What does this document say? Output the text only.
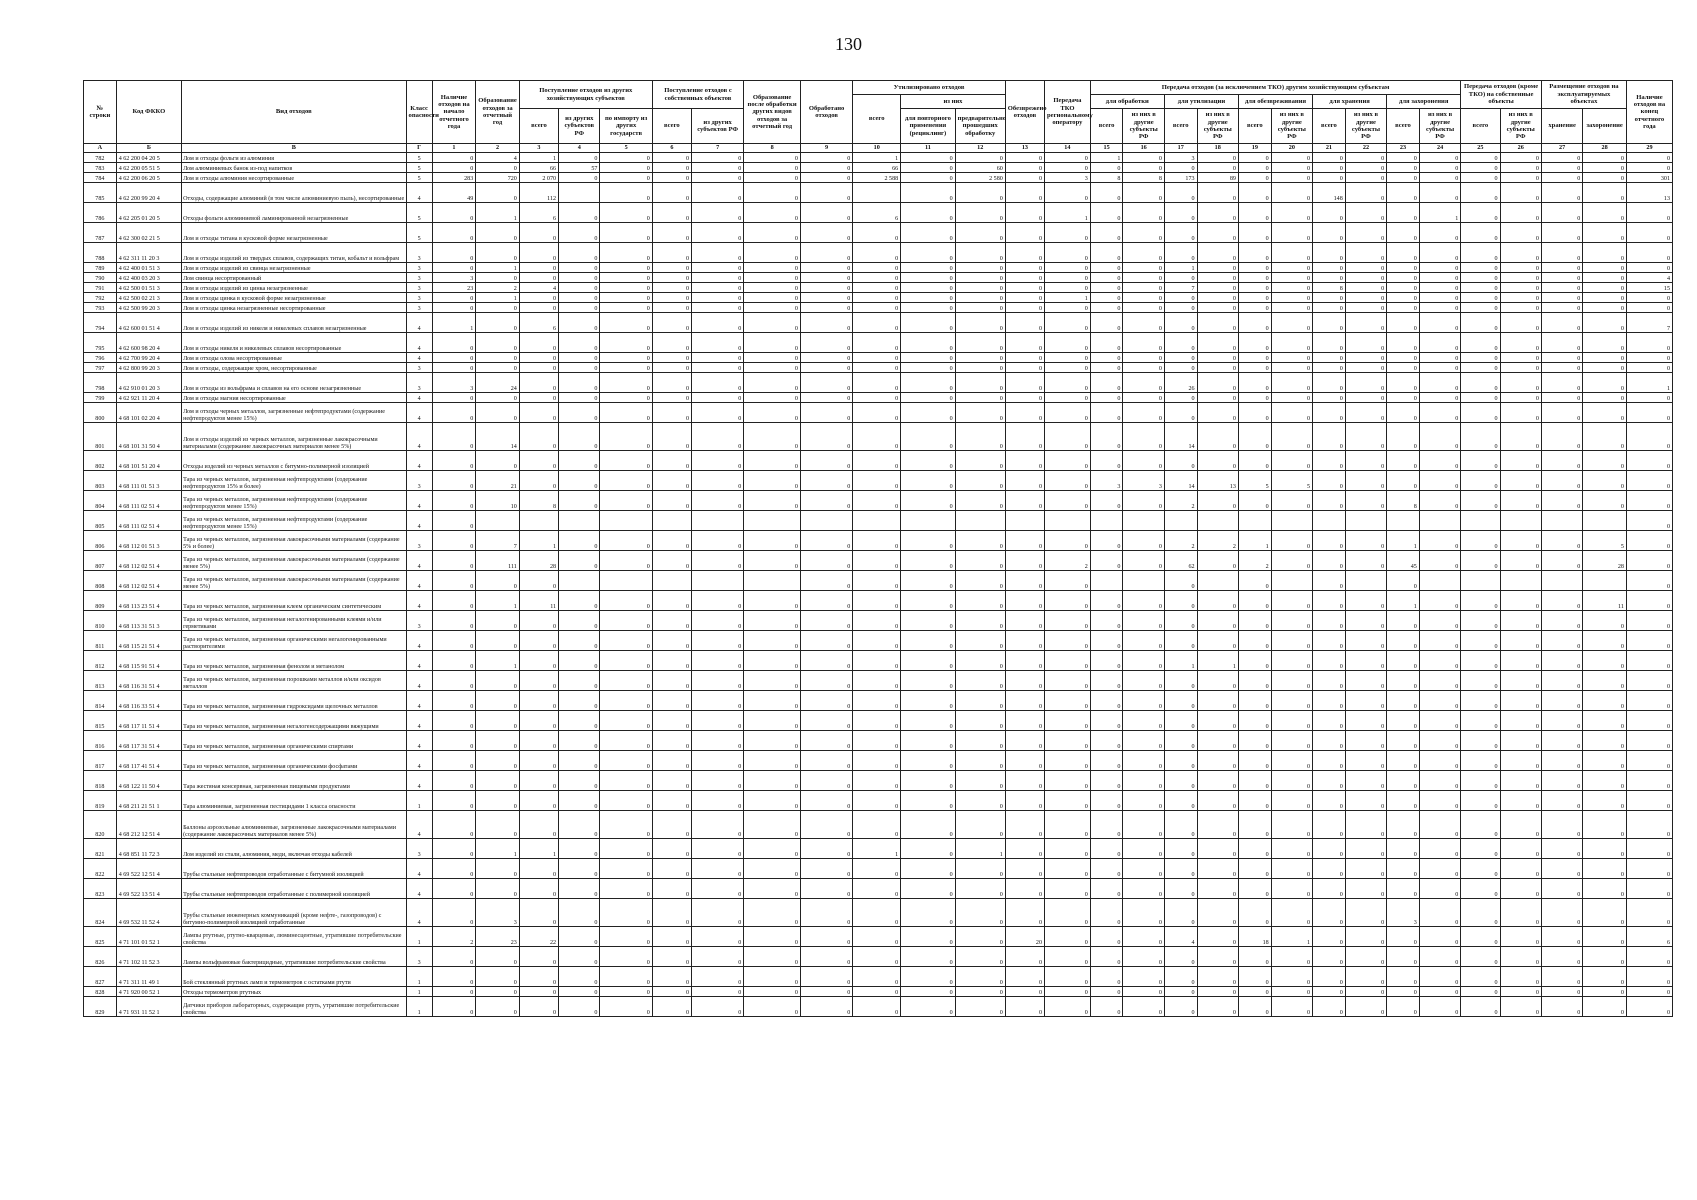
130
№ строки	Код ФККО	Вид отходов	Класс опасности	Наличие отходов на начало отчетного года	Образование отходов за отчетный год	Поступление отходов из других хозяйствующих субъектов			Поступление отходов с собственных объектов		Образование после обработки других видов отходов за отчетный год	Обработано отходов	Утилизировано отходов			Обезврежено отходов	Передача ТКО региональному оператору	Передача отходов (за исключением ТКО) другим хозяйствующим субъектам										Передача отходов (кроме ТКО) на собственные объекты		Размещение отходов на эксплуатируемых объектах		Наличие отходов на конец отчетного года
													всего	из них				для обработки		для утилизации		для обезвреживания		для хранения		для захоронения						
						всего	из других субъектов РФ	по импорту из других государств	всего	из других субъектов РФ				для повторного применения (рециклинг)	предварительно прошедших обработку			всего	из них в другие субъекты РФ	всего	из них в другие субъекты РФ	всего	из них в другие субъекты РФ	всего	из них в другие субъекты РФ	всего	из них в другие субъекты РФ	всего	из них в другие субъекты РФ	хранение	захоронение	
А	Б	В	Г	1	2	3	4	5	6	7	8	9	10	11	12	13	14	15	16	17	18	19	20	21	22	23	24	25	26	27	28	29
782	4 62 200 04 20 5	Лом и отходы фольги из алюминия	5	0	4	1	0	0	0	0	0	0	1	0	0	0	0	1	0	3	0	0	0	0	0	0	0	0	0	0	0	0
783	4 62 200 05 51 5	Лом алюминиевых банок из-под напитков	5	0	0	66	57	0	0	0	0	0	66	0	60	0	0	0	0	0	0	0	0	0	0	0	0	0	0	0	0	0
784	4 62 200 06 20 5	Лом и отходы алюминия несортированные	5	283	720	2 070	0	0	0	0	0	0	2 588	0	2 580	0	3	8	8	173	89	0	0	0	0	0	0	0	0	0	0	301
785	4 62 200 99 20 4	Отходы, содержащие алюминий (в том числе алюминиевую пыль), несортированные	4	49	0	112		0	0	0	0	0		0	0	0	0	0	0	0	0	0	0	148	0	0	0	0	0	0	0	13
786	4 62 205 01 20 5	Отходы фольги алюминиевой ламинированной незагрязненные	5	0	1	6	0	0	0	0	0	0	6	0	0	0	1	0	0	0	0	0	0	0	0	0	1	0	0	0	0	0
787	4 62 300 02 21 5	Лом и отходы титана в кусковой форме незагрязненные	5	0	0	0	0	0	0	0	0	0	0	0	0	0	0	0	0	0	0	0	0	0	0	0	0	0	0	0	0	0
788	4 62 311 11 20 3	Лом и отходы изделий из твердых сплавов, содержащих титан, кобальт и вольфрам	3	0	0	0	0	0	0	0	0	0	0	0	0	0	0	0	0	0	0	0	0	0	0	0	0	0	0	0	0	0
789	4 62 400 01 51 3	Лом и отходы изделий из свинца незагрязненные	3	0	1	0	0	0	0	0	0	0	0	0	0	0	0	0	0	1	0	0	0	0	0	0	0	0	0	0	0	0
790	4 62 400 03 20 3	Лом свинца несортированный	3	3	0	0	0	0	0	0	0	0	0	0	0	0	0	0	0	0	0	0	0	0	0	0	0	0	0	0	0	4
791	4 62 500 01 51 3	Лом и отходы изделий из цинка незагрязненные	3	23	2	4	0	0	0	0	0	0	0	0	0	0	0	0	0	7	0	0	0	8	0	0	0	0	0	0	0	15
792	4 62 500 02 21 3	Лом и отходы цинка в кусковой форме незагрязненные	3	0	1	0	0	0	0	0	0	0	0	0	0	0	1	0	0	0	0	0	0	0	0	0	0	0	0	0	0	0
793	4 62 500 99 20 3	Лом и отходы цинка незагрязненные несортированные	3	0	0	0	0	0	0	0	0	0	0	0	0	0	0	0	0	0	0	0	0	0	0	0	0	0	0	0	0	0
794	4 62 600 01 51 4	Лом и отходы изделий из никеля и никелевых сплавов незагрязненные	4	1	0	6	0	0	0	0	0	0	0	0	0	0	0	0	0	0	0	0	0	0	0	0	0	0	0	0	0	7
795	4 62 600 98 20 4	Лом и отходы никеля и никелевых сплавов несортированные	4	0	0	0	0	0	0	0	0	0	0	0	0	0	0	0	0	0	0	0	0	0	0	0	0	0	0	0	0	0
796	4 62 700 99 20 4	Лом и отходы олова несортированные	4	0	0	0	0	0	0	0	0	0	0	0	0	0	0	0	0	0	0	0	0	0	0	0	0	0	0	0	0	0
797	4 62 800 99 20 3	Лом и отходы, содержащие хром, несортированные	3	0	0	0	0	0	0	0	0	0	0	0	0	0	0	0	0	0	0	0	0	0	0	0	0	0	0	0	0	0
798	4 62 910 01 20 3	Лом и отходы из вольфрама и сплавов на его основе незагрязненные	3	3	24	0	0	0	0	0	0	0	0	0	0	0	0	0	0	26	0	0	0	0	0	0	0	0	0	0	0	1
799	4 62 921 11 20 4	Лом и отходы магния несортированные	4	0	0	0	0	0	0	0	0	0	0	0	0	0	0	0	0	0	0	0	0	0	0	0	0	0	0	0	0	0
800	4 68 101 02 20 4	Лом и отходы черных металлов, загрязненные нефтепродуктами (содержание нефтепродуктов менее 15%)	4	0	0	0	0	0	0	0	0	0	0	0	0	0	0	0	0	0	0	0	0	0	0	0	0	0	0	0	0	0
801	4 68 101 31 50 4	Лом и отходы изделий из черных металлов, загрязненные лакокрасочными материалами (содержание лакокрасочных материалов менее 5%)	4	0	14	0	0	0	0	0	0	0	0	0	0	0	0	0	0	14	0	0	0	0	0	0	0	0	0	0	0	0
802	4 68 101 51 20 4	Отходы изделий из черных металлов с битумно-полимерной изоляцией	4	0	0	0	0	0	0	0	0	0	0	0	0	0	0	0	0	0	0	0	0	0	0	0	0	0	0	0	0	0
803	4 68 111 01 51 3	Тара из черных металлов, загрязненная нефтепродуктами (содержание нефтепродуктов 15% и более)	3	0	21	0	0	0	0	0	0	0	0	0	0	0	0	3	3	14	13	5	5	0	0	0	0	0	0	0	0	0
804	4 68 111 02 51 4	Тара из черных металлов, загрязненная нефтепродуктами (содержание нефтепродуктов менее 15%)	4	0	10	8	0	0	0	0	0	0	0	0	0	0	0	0	0	2	0	0	0	0	0	8	0	0	0	0	0	0
805	4 68 111 02 51 4	Тара из черных металлов, загрязненная нефтепродуктами (содержание нефтепродуктов менее 15%)	4	0																												0
806	4 68 112 01 51 3	Тара из черных металлов, загрязненная лакокрасочными материалами (содержание 5% и более)	3	0	7	1	0	0	0	0	0	0	0	0	0	0	0	0	0	2	2	1	0	0	0	1	0	0	0	0	5	0
807	4 68 112 02 51 4	Тара из черных металлов, загрязненная лакокрасочными материалами (содержание менее 5%)	4	0	111	28	0	0	0	0	0	0	0	0	0	0	2	0	0	62	0	2	0	0	0	45	0	0	0	0	28	0
808	4 68 112 02 51 4	Тара из черных металлов, загрязненная лакокрасочными материалами (содержание менее 5%)	4	0	0	0						0	0	0	0	0	0			0		0		0		0						0
809	4 68 113 23 51 4	Тара из черных металлов, загрязненная клеем органическим синтетическим	4	0	1	11	0	0	0	0	0	0	0	0	0	0	0	0	0	0	0	0	0	0	0	1	0	0	0	0	11	0
810	4 68 113 31 51 3	Тара из черных металлов, загрязненная негалогенированными клеями и/или герметиками	3	0	0	0	0	0	0	0	0	0	0	0	0	0	0	0	0	0	0	0	0	0	0	0	0	0	0	0	0	0
811	4 68 115 21 51 4	Тара из черных металлов, загрязненная органическими негалогенированными растворителями	4	0	0	0	0	0	0	0	0	0	0	0	0	0	0	0	0	0	0	0	0	0	0	0	0	0	0	0	0	0
812	4 68 115 91 51 4	Тара из черных металлов, загрязненная фенолом и метанолом	4	0	1	0	0	0	0	0	0	0	0	0	0	0	0	0	0	1	1	0	0	0	0	0	0	0	0	0	0	0
813	4 68 116 31 51 4	Тара из черных металлов, загрязненная порошками металлов и/или оксидов металлов	4	0	0	0	0	0	0	0	0	0	0	0	0	0	0	0	0	0	0	0	0	0	0	0	0	0	0	0	0	0
814	4 68 116 33 51 4	Тара из черных металлов, загрязненная гидроксидами щелочных металлов	4	0	0	0	0	0	0	0	0	0	0	0	0	0	0	0	0	0	0	0	0	0	0	0	0	0	0	0	0	0
815	4 68 117 11 51 4	Тара из черных металлов, загрязненная негалогенсодержащими вяжущими	4	0	0	0	0	0	0	0	0	0	0	0	0	0	0	0	0	0	0	0	0	0	0	0	0	0	0	0	0	0
816	4 68 117 31 51 4	Тара из черных металлов, загрязненная органическими спиртами	4	0	0	0	0	0	0	0	0	0	0	0	0	0	0	0	0	0	0	0	0	0	0	0	0	0	0	0	0	0
817	4 68 117 41 51 4	Тара из черных металлов, загрязненная органическими фосфатами	4	0	0	0	0	0	0	0	0	0	0	0	0	0	0	0	0	0	0	0	0	0	0	0	0	0	0	0	0	0
818	4 68 122 11 50 4	Тара жестяная консервная, загрязненная пищевыми продуктами	4	0	0	0	0	0	0	0	0	0	0	0	0	0	0	0	0	0	0	0	0	0	0	0	0	0	0	0	0	0
819	4 68 211 21 51 1	Тара алюминиевая, загрязненная пестицидами 1 класса опасности	1	0	0	0	0	0	0	0	0	0	0	0	0	0	0	0	0	0	0	0	0	0	0	0	0	0	0	0	0	0
820	4 68 212 12 51 4	Баллоны аэрозольные алюминиевые, загрязненные лакокрасочными материалами (содержание лакокрасочных материалов менее 5%)	4	0	0	0	0	0	0	0	0	0	0	0	0	0	0	0	0	0	0	0	0	0	0	0	0	0	0	0	0	0
821	4 68 851 11 72 3	Лом изделий из стали, алюминия, меди, включая отходы кабелей	3	0	1	1	0	0	0	0	0	0	1	0	1	0	0	0	0	0	0	0	0	0	0	0	0	0	0	0	0	0
822	4 69 522 12 51 4	Трубы стальные нефтепроводов отработанные с битумной изоляцией	4	0	0	0	0	0	0	0	0	0	0	0	0	0	0	0	0	0	0	0	0	0	0	0	0	0	0	0	0	0
823	4 69 522 13 51 4	Трубы стальные нефтепроводов отработанные с полимерной изоляцией	4	0	0	0	0	0	0	0	0	0	0	0	0	0	0	0	0	0	0	0	0	0	0	0	0	0	0	0	0	0
824	4 69 532 11 52 4	Трубы стальные инженерных коммуникаций (кроме нефте-, газопроводов) с битумно-полимерной изоляцией отработанные	4	0	3	0	0	0	0	0	0	0	0	0	0	0	0	0	0	0	0	0	0	0	0	3	0	0	0	0	0	0
825	4 71 101 01 52 1	Лампы ртутные, ртутно-кварцевые, люминесцентные, утратившие потребительские свойства	1	2	23	22	0	0	0	0	0	0	0	0	0	20	0	0	0	4	0	18	1	0	0	0	0	0	0	0	0	6
826	4 71 102 11 52 3	Лампы вольфрамовые бактерицидные, утратившие потребительские свойства	3	0	0	0	0	0	0	0	0	0	0	0	0	0	0	0	0	0	0	0	0	0	0	0	0	0	0	0	0	0
827	4 71 311 11 49 1	Бой стеклянный ртутных ламп и термометров с остатками ртути	1	0	0	0	0	0	0	0	0	0	0	0	0	0	0	0	0	0	0	0	0	0	0	0	0	0	0	0	0	0
828	4 71 920 00 52 1	Отходы термометров ртутных	1	0	0	0	0	0	0	0	0	0	0	0	0	0	0	0	0	0	0	0	0	0	0	0	0	0	0	0	0	0
829	4 71 931 11 52 1	Датчики приборов лабораторных, содержащие ртуть, утратившие потребительские свойства	1	0	0	0	0	0	0	0	0	0	0	0	0	0	0	0	0	0	0	0	0	0	0	0	0	0	0	0	0	0
